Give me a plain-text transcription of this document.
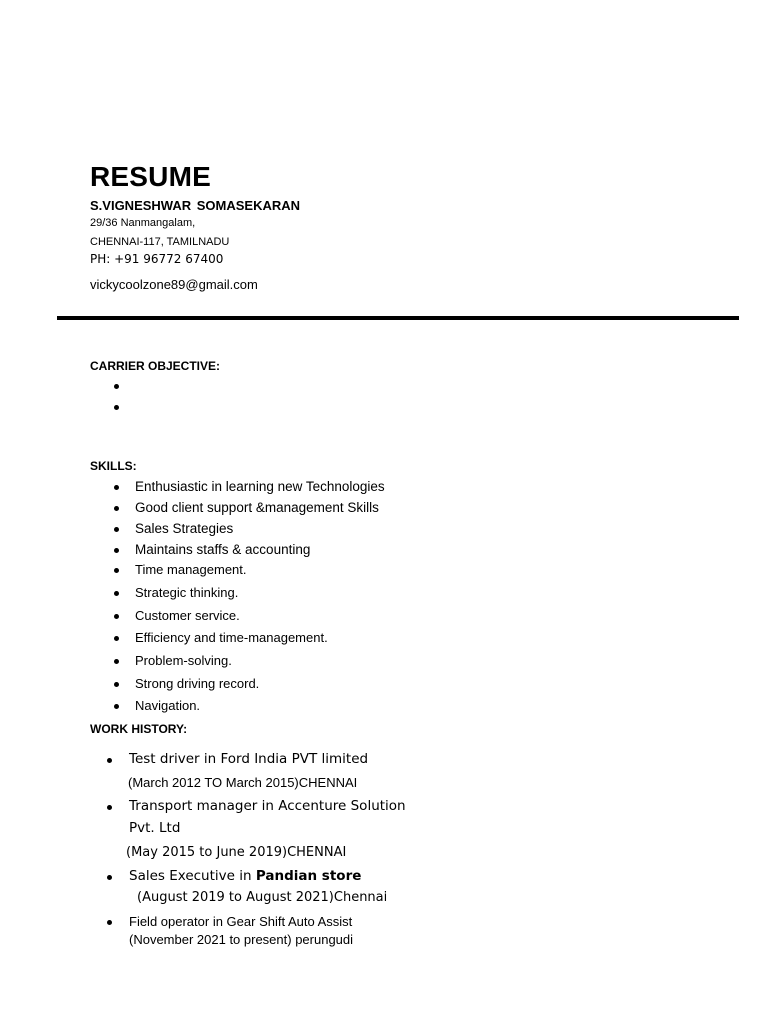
RESUME
S.VIGNESHWAR SOMASEKARAN
29/36 Nanmangalam,
CHENNAI-117, TAMILNADU
PH: +91 96772 67400
vickycoolzone89@gmail.com
CARRIER OBJECTIVE:
SKILLS:
Enthusiastic in learning new Technologies
Good client support &management Skills
Sales Strategies
Maintains staffs & accounting
Time management.
Strategic thinking.
Customer service.
Efficiency and time-management.
Problem-solving.
Strong driving record.
Navigation.
WORK HISTORY:
Test driver in Ford India PVT limited
(March 2012 TO March 2015)CHENNAI
Transport manager in Accenture Solution
Pvt. Ltd
(May 2015 to June 2019)CHENNAI
Sales Executive in Pandian store
(August 2019 to August 2021)Chennai
Field operator in Gear Shift Auto Assist
(November 2021 to present) perungudi
